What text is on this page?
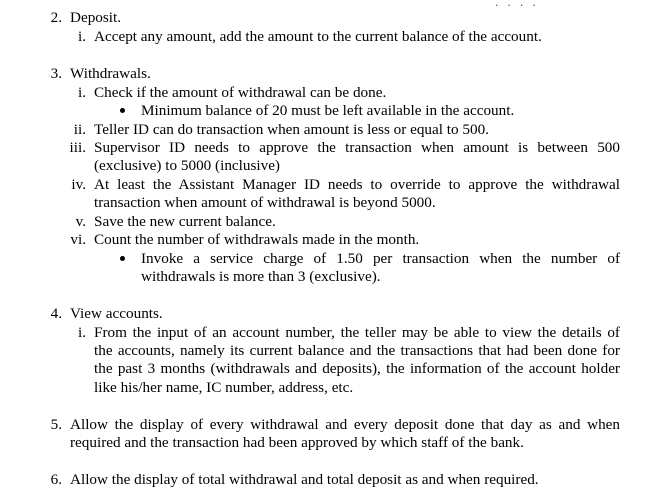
. . . .
2. Deposit.
i. Accept any amount, add the amount to the current balance of the account.
3. Withdrawals.
i. Check if the amount of withdrawal can be done.
Minimum balance of 20 must be left available in the account.
ii. Teller ID can do transaction when amount is less or equal to 500.
iii. Supervisor ID needs to approve the transaction when amount is between 500
(exclusive) to 5000 (inclusive)
iv. At least the Assistant Manager ID needs to override to approve the withdrawal
transaction when amount of withdrawal is beyond 5000.
v. Save the new current balance.
vi. Count the number of withdrawals made in the month.
Invoke a service charge of 1.50 per transaction when the number of
withdrawals is more than 3 (exclusive).
4. View accounts.
i. From the input of an account number, the teller may be able to view the details of
the accounts, namely its current balance and the transactions that had been done for
the past 3 months (withdrawals and deposits), the information of the account holder
like his/her name, IC number, address, etc.
5. Allow the display of every withdrawal and every deposit done that day as and when
required and the transaction had been approved by which staff of the bank.
6. Allow the display of total withdrawal and total deposit as and when required.
